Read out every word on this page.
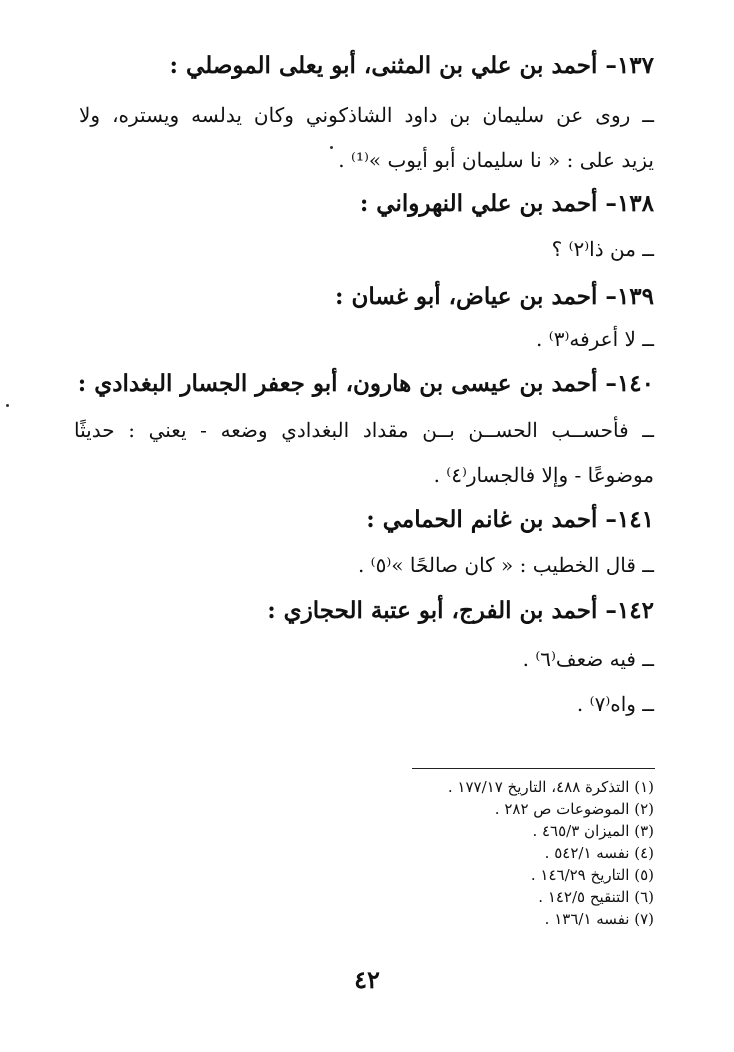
١٣٧– أحمد بن علي بن المثنى، أبو يعلى الموصلي :
ــ روى عن سليمان بن داود الشاذكوني وكان يدلسه ويستره، ولا
يزيد على : « نا سليمان أبو أيوب »⁽¹⁾ .
١٣٨– أحمد بن علي النهرواني :
ــ من ذا⁽٢⁾ ؟
١٣٩– أحمد بن عياض، أبو غسان :
ــ لا أعرفه⁽٣⁾ .
١٤٠– أحمد بن عيسى بن هارون، أبو جعفر الجسار البغدادي :
ــ فأحســب الحســن بــن مقداد البغدادي وضعه - يعني : حديثًا
موضوعًا - وإلا فالجسار⁽٤⁾ .
١٤١– أحمد بن غانم الحمامي :
ــ قال الخطيب : « كان صالحًا »⁽٥⁾ .
١٤٢– أحمد بن الفرج، أبو عتبة الحجازي :
ــ فيه ضعف⁽٦⁾ .
ــ واه⁽٧⁾ .
(١) التذكرة ٤٨٨، التاريخ ١٧٧/١٧ .
(٢) الموضوعات ص ٢٨٢ .
(٣) الميزان ٤٦٥/٣ .
(٤) نفسه ٥٤٢/١ .
(٥) التاريخ ١٤٦/٢٩ .
(٦) التنقيح ١٤٢/٥ .
(٧) نفسه ١٣٦/١ .
٤٢
